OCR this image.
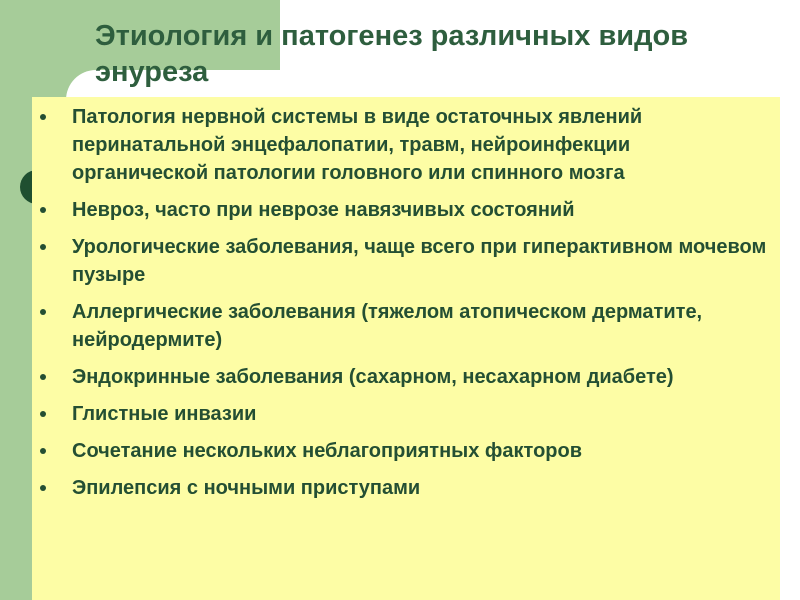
Этиология и патогенез различных видов энуреза
Патология нервной системы в виде остаточных явлений перинатальной энцефалопатии, травм, нейроинфекции органической патологии головного или спинного мозга
Невроз, часто при неврозе навязчивых состояний
Урологические заболевания, чаще всего при гиперактивном мочевом пузыре
Аллергические заболевания (тяжелом атопическом дерматите, нейродермите)
Эндокринные заболевания (сахарном, несахарном диабете)
Глистные инвазии
Сочетание нескольких неблагоприятных факторов
Эпилепсия с ночными приступами
